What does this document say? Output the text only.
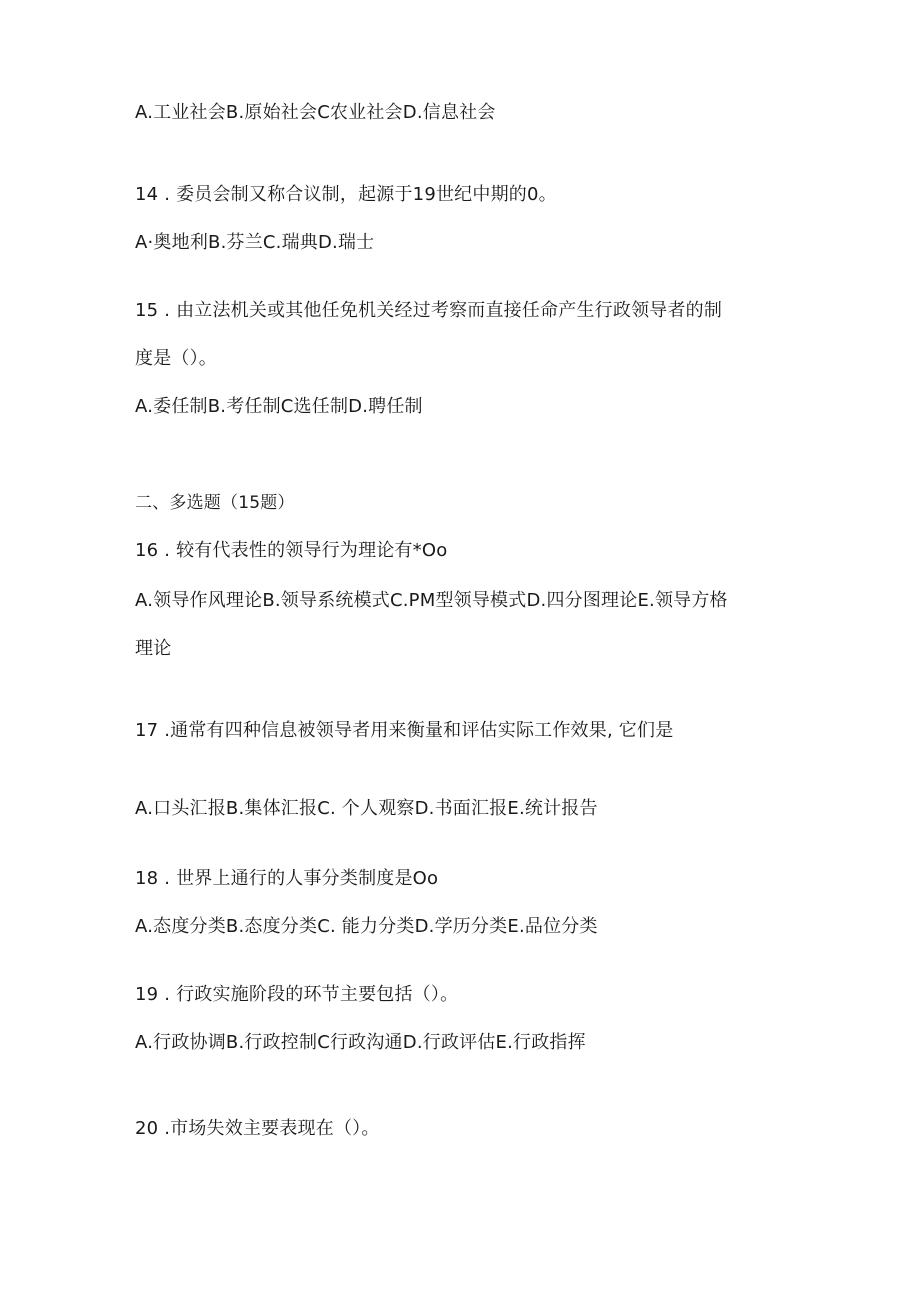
A.工业社会B.原始社会C农业社会D.信息社会
14 . 委员会制又称合议制，起源于19世纪中期的0。
A·奥地利B.芬兰C.瑞典D.瑞士
15 . 由立法机关或其他任免机关经过考察而直接任命产生行政领导者的制
度是（）。
A.委任制B.考任制C选任制D.聘任制
二、多选题（15题）
16 . 较有代表性的领导行为理论有*Oo
A.领导作风理论B.领导系统模式C.PM型领导模式D.四分图理论E.领导方格
理论
17 .通常有四种信息被领导者用来衡量和评估实际工作效果, 它们是
A.口头汇报B.集体汇报C. 个人观察D.书面汇报E.统计报告
18 . 世界上通行的人事分类制度是Oo
A.态度分类B.态度分类C. 能力分类D.学历分类E.品位分类
19 . 行政实施阶段的环节主要包括（）。
A.行政协调B.行政控制C行政沟通D.行政评估E.行政指挥
20 .市场失效主要表现在（）。
